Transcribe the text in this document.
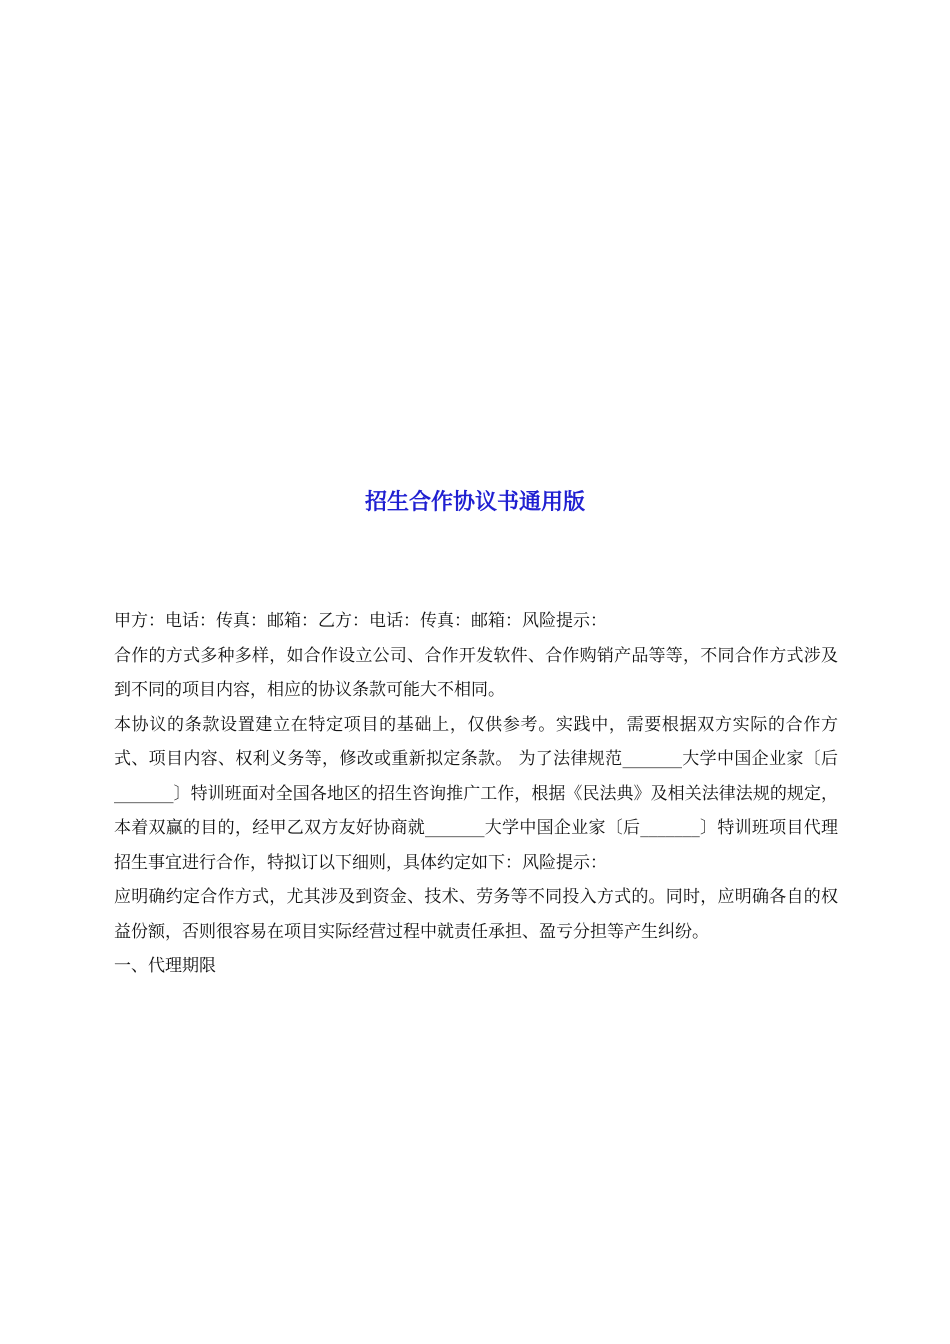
招生合作协议书通用版

甲方：电话：传真：邮箱：乙方：电话：传真：邮箱：风险提示：

合作的方式多种多样，如合作设立公司、合作开发软件、合作购销产品等等，不同合作方式涉及到不同的项目内容，相应的协议条款可能大不相同。

本协议的条款设置建立在特定项目的基础上，仅供参考。实践中，需要根据双方实际的合作方式、项目内容、权利义务等，修改或重新拟定条款。 为了法律规范_______大学中国企业家〔后_______〕特训班面对全国各地区的招生咨询推广工作，根据《民法典》及相关法律法规的规定，本着双赢的目的，经甲乙双方友好协商就_______大学中国企业家〔后_______〕特训班项目代理招生事宜进行合作，特拟订以下细则，具体约定如下：风险提示：

应明确约定合作方式，尤其涉及到资金、技术、劳务等不同投入方式的。同时，应明确各自的权益份额，否则很容易在项目实际经营过程中就责任承担、盈亏分担等产生纠纷。

一、代理期限
